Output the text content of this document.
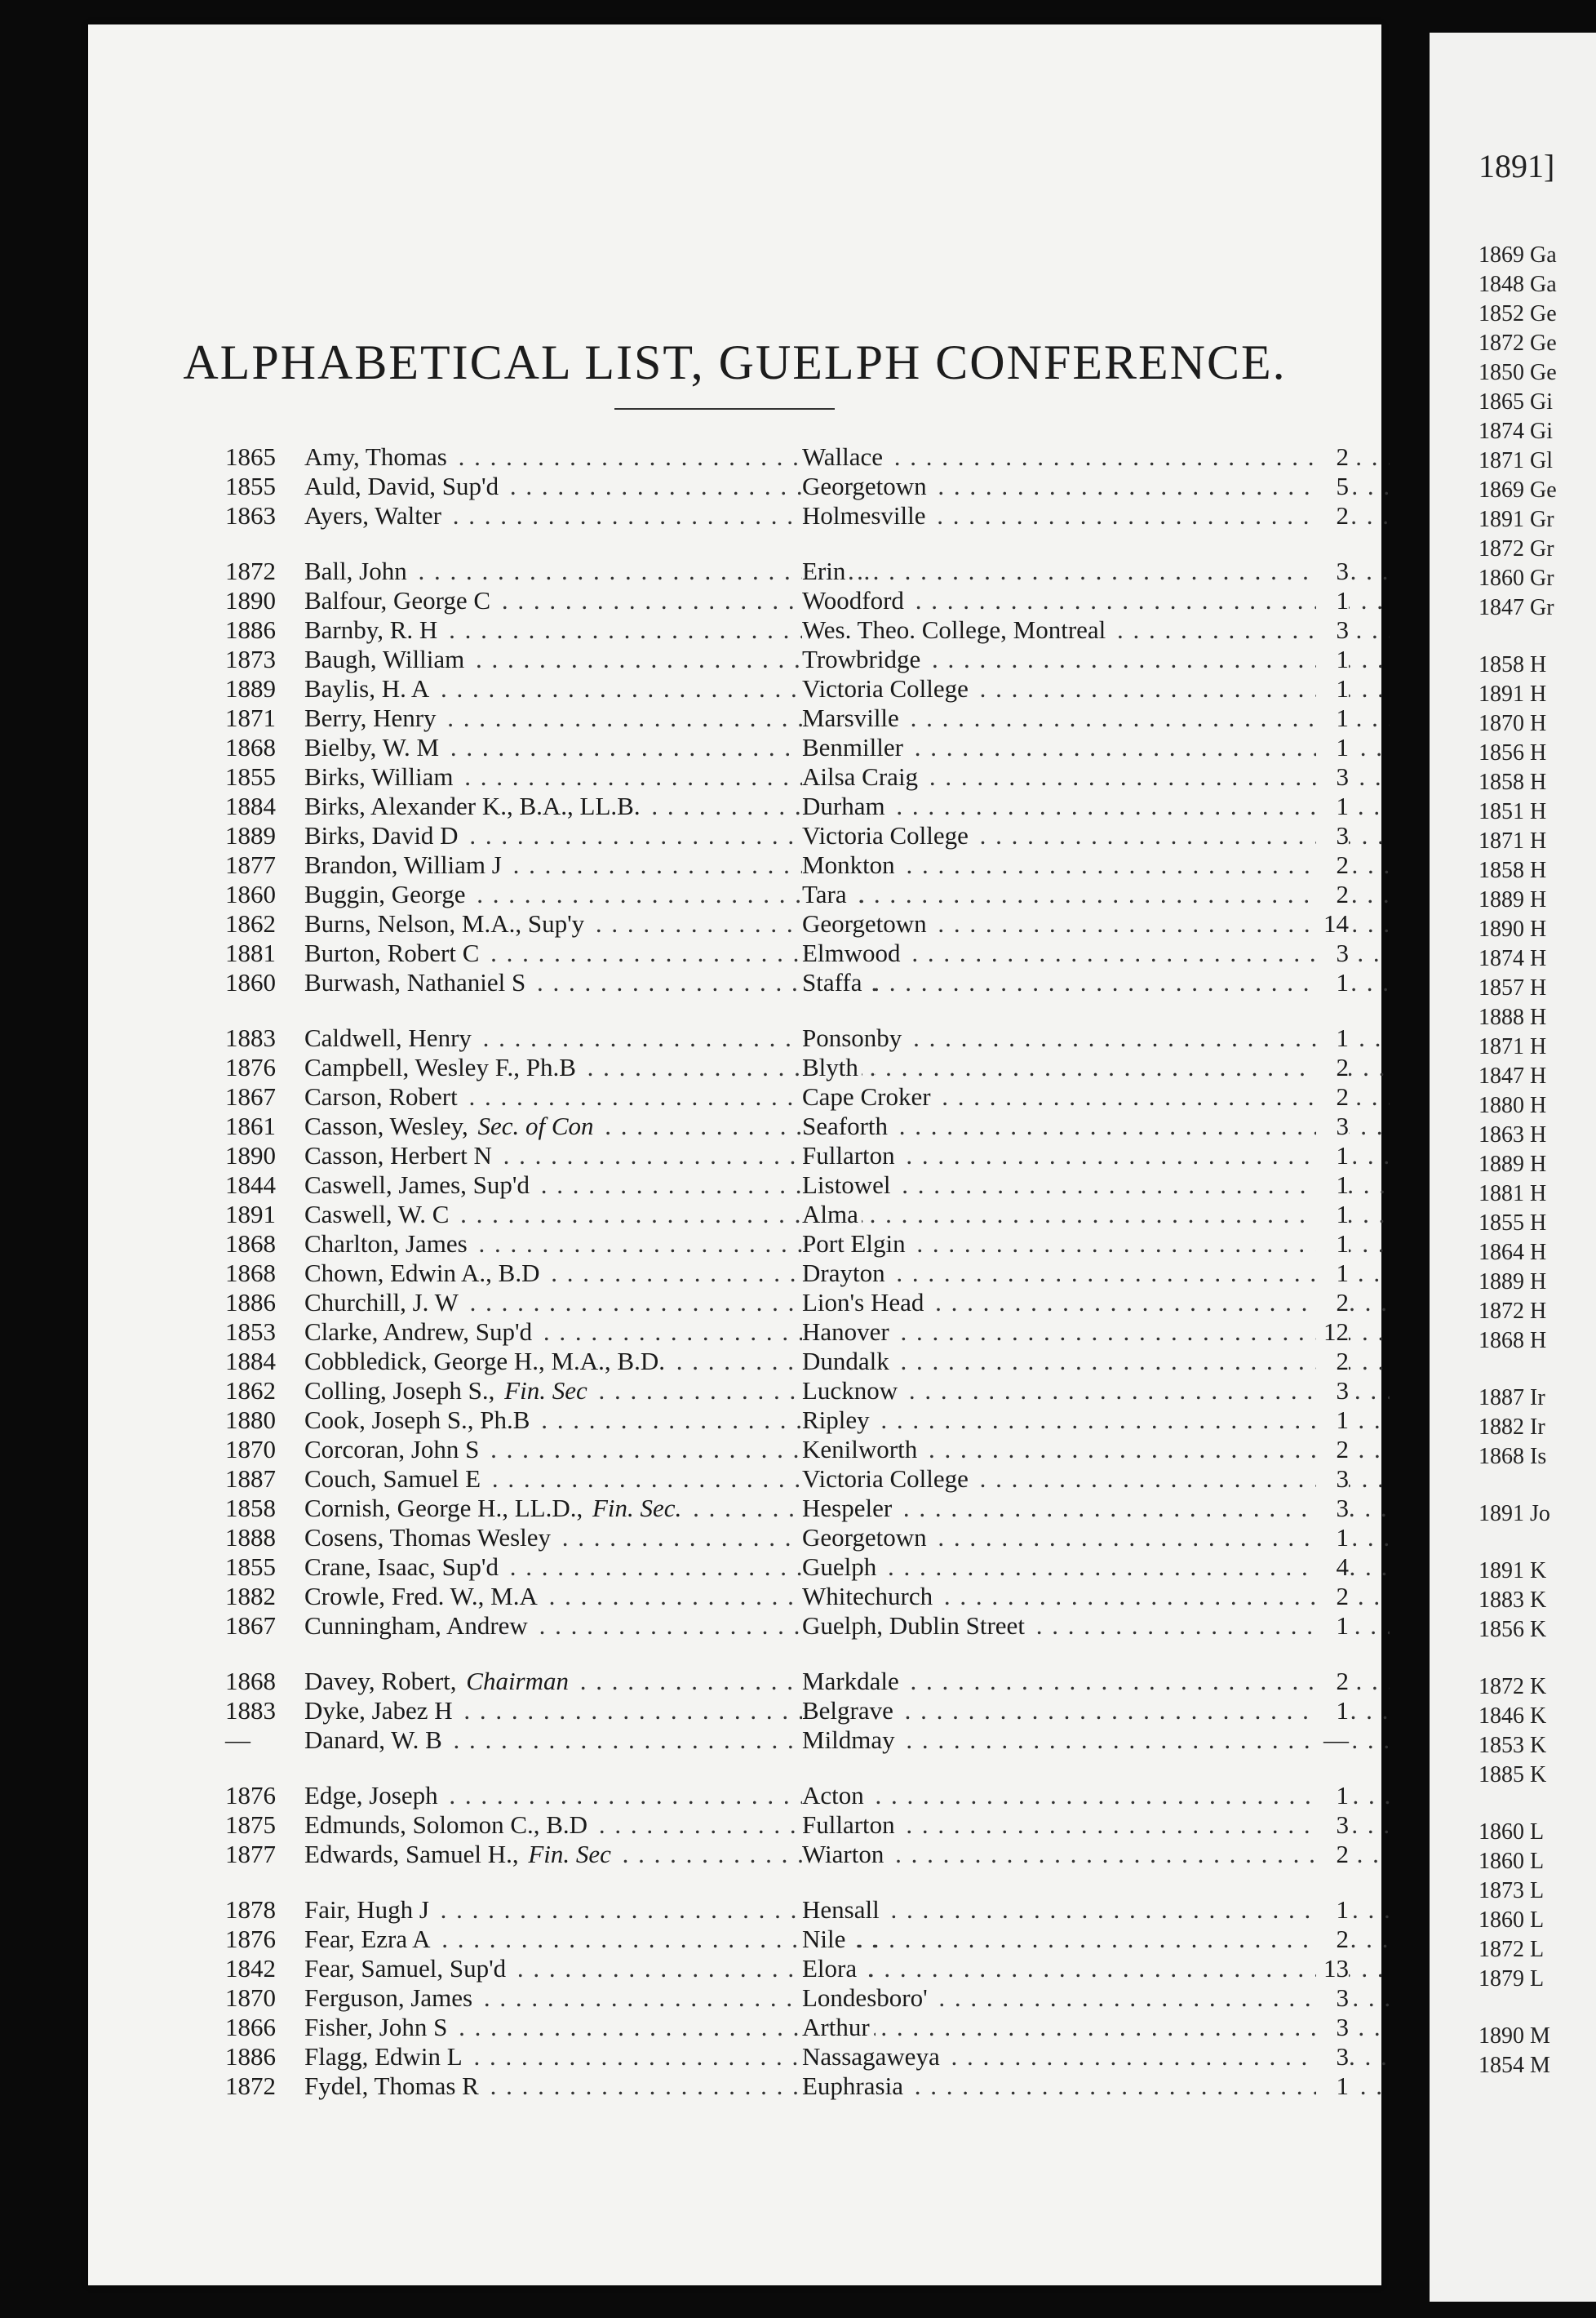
ALPHABETICAL LIST, GUELPH CONFERENCE.
1865	Amy, Thomas . . .	Wallace . . .	2
1855	Auld, David, Sup'd . . .	Georgetown . . .	5
1863	Ayers, Walter . . .	Holmesville . . .	2
1872	Ball, John . . .	Erin . . .	3
1890	Balfour, George C . . .	Woodford . . .	1
1886	Barnby, R. H . . .	Wes. Theo. College, Montreal . . .	3
1873	Baugh, William . . .	Trowbridge . . .	1
1889	Baylis, H. A . . .	Victoria College . . .	1
1871	Berry, Henry . . .	Marsville . . .	1
1868	Bielby, W. M . . .	Benmiller . . .	1
1855	Birks, William . . .	Ailsa Craig . . .	3
1884	Birks, Alexander K., B.A., LL.B. . . .	Durham . . .	1
1889	Birks, David D . . .	Victoria College . . .	3
1877	Brandon, William J . . .	Monkton . . .	2
1860	Buggin, George . . .	Tara . . .	2
1862	Burns, Nelson, M.A., Sup'y . . .	Georgetown . . .	14
1881	Burton, Robert C . . .	Elmwood . . .	3
1860	Burwash, Nathaniel S . . .	Staffa . . .	1
1883	Caldwell, Henry . . .	Ponsonby . . .	1
1876	Campbell, Wesley F., Ph.B . . .	Blyth . . .	2
1867	Carson, Robert . . .	Cape Croker . . .	2
1861	Casson, Wesley, Sec. of Con . . .	Seaforth . . .	3
1890	Casson, Herbert N . . .	Fullarton . . .	1
1844	Caswell, James, Sup'd . . .	Listowel . . .	1
1891	Caswell, W. C . . .	Alma . . .	1
1868	Charlton, James . . .	Port Elgin . . .	1
1868	Chown, Edwin A., B.D . . .	Drayton . . .	1
1886	Churchill, J. W . . .	Lion's Head . . .	2
1853	Clarke, Andrew, Sup'd . . .	Hanover . . .	12
1884	Cobbledick, George H., M.A., B.D. . . .	Dundalk . . .	2
1862	Colling, Joseph S., Fin. Sec . . .	Lucknow . . .	3
1880	Cook, Joseph S., Ph.B . . .	Ripley . . .	1
1870	Corcoran, John S . . .	Kenilworth . . .	2
1887	Couch, Samuel E . . .	Victoria College . . .	3
1858	Cornish, George H., LL.D., Fin. Sec. . . .	Hespeler . . .	3
1888	Cosens, Thomas Wesley . . .	Georgetown . . .	1
1855	Crane, Isaac, Sup'd . . .	Guelph . . .	4
1882	Crowle, Fred. W., M.A . . .	Whitechurch . . .	2
1867	Cunningham, Andrew . . .	Guelph, Dublin Street . . .	1
1868	Davey, Robert, Chairman . . .	Markdale . . .	2
1883	Dyke, Jabez H . . .	Belgrave . . .	1
—	Danard, W. B . . .	Mildmay . . .	—
1876	Edge, Joseph . . .	Acton . . .	1
1875	Edmunds, Solomon C., B.D . . .	Fullarton . . .	3
1877	Edwards, Samuel H., Fin. Sec . . .	Wiarton . . .	2
1878	Fair, Hugh J . . .	Hensall . . .	1
1876	Fear, Ezra A . . .	Nile . . .	2
1842	Fear, Samuel, Sup'd . . .	Elora . . .	13
1870	Ferguson, James . . .	Londesboro' . . .	3
1866	Fisher, John S . . .	Arthur . . .	3
1886	Flagg, Edwin L . . .	Nassagaweya . . .	3
1872	Fydel, Thomas R . . .	Euphrasia . . .	1
1891]
1869 Ga
1848 Ga
1852 Ge
1872 Ge
1850 Ge
1865 Gi
1874 Gi
1871 Gl
1869 Ge
1891 Gr
1872 Gr
1860 Gr
1847 Gr
1858 H
1891 H
1870 H
1856 H
1858 H
1851 H
1871 H
1858 H
1889 H
1890 H
1874 H
1857 H
1888 H
1871 H
1847 H
1880 H
1863 H
1889 H
1881 H
1855 H
1864 H
1889 H
1872 H
1868 H
1887 Ir
1882 Ir
1868 Is
1891 Jo
1891 K
1883 K
1856 K
1872 K
1846 K
1853 K
1885 K
1860 L
1860 L
1873 L
1860 L
1872 L
1879 L
1890 M
1854 M
